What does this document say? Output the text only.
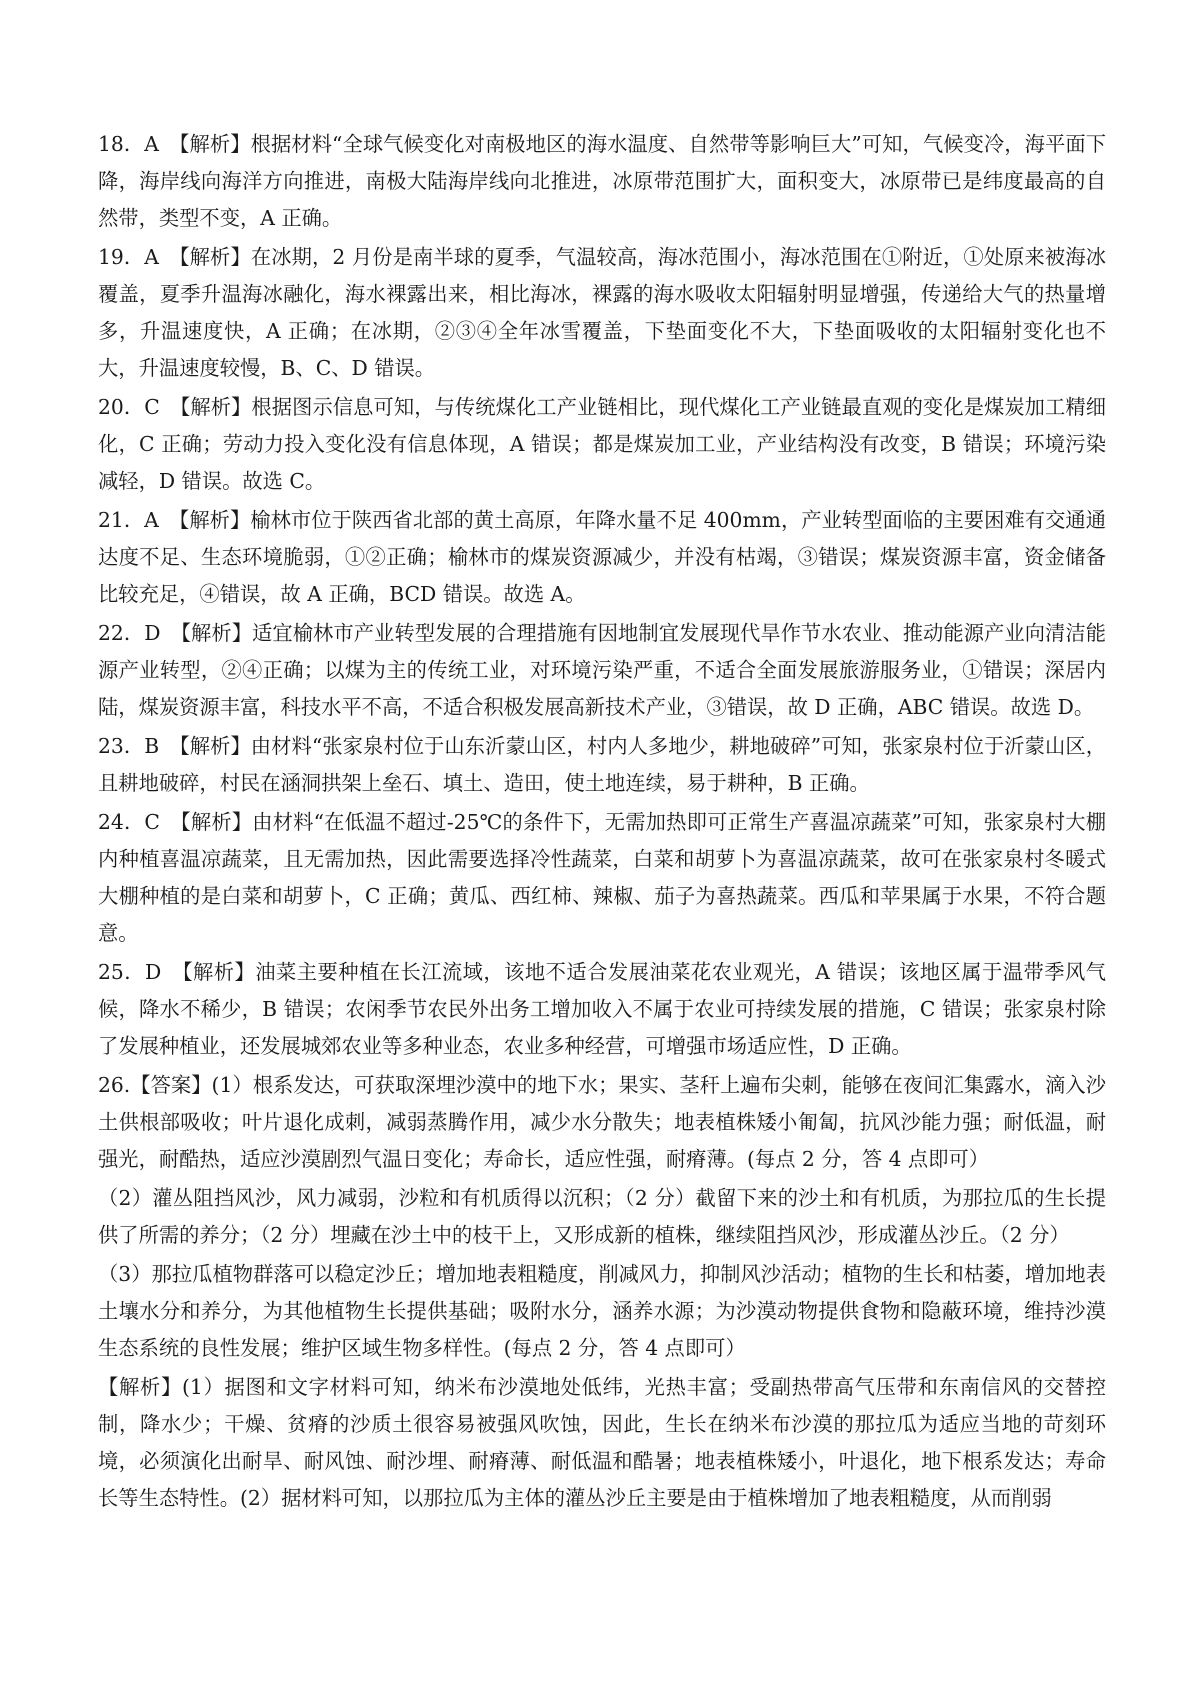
18．A　【解析】根据材料“全球气候变化对南极地区的海水温度、自然带等影响巨大”可知，气候变冷，海平面下降，海岸线向海洋方向推进，南极大陆海岸线向北推进，冰原带范围扩大，面积变大，冰原带已是纬度最高的自然带，类型不变，A 正确。

19．A　【解析】在冰期，2 月份是南半球的夏季，气温较高，海冰范围小，海冰范围在①附近，①处原来被海冰覆盖，夏季升温海冰融化，海水裸露出来，相比海冰，裸露的海水吸收太阳辐射明显增强，传递给大气的热量增多，升温速度快，A 正确；在冰期，②③④全年冰雪覆盖，下垫面变化不大，下垫面吸收的太阳辐射变化也不大，升温速度较慢，B、C、D 错误。

20．C　【解析】根据图示信息可知，与传统煤化工产业链相比，现代煤化工产业链最直观的变化是煤炭加工精细化，C 正确；劳动力投入变化没有信息体现，A 错误；都是煤炭加工业，产业结构没有改变，B 错误；环境污染减轻，D 错误。故选 C。

21．A　【解析】榆林市位于陕西省北部的黄土高原，年降水量不足 400mm，产业转型面临的主要困难有交通通达度不足、生态环境脆弱，①②正确；榆林市的煤炭资源减少，并没有枯竭，③错误；煤炭资源丰富，资金储备比较充足，④错误，故 A 正确，BCD 错误。故选 A。

22．D　【解析】适宜榆林市产业转型发展的合理措施有因地制宜发展现代旱作节水农业、推动能源产业向清洁能源产业转型，②④正确；以煤为主的传统工业，对环境污染严重，不适合全面发展旅游服务业，①错误；深居内陆，煤炭资源丰富，科技水平不高，不适合积极发展高新技术产业，③错误，故 D 正确，ABC 错误。故选 D。

23．B　【解析】由材料“张家泉村位于山东沂蒙山区，村内人多地少，耕地破碎”可知，张家泉村位于沂蒙山区，且耕地破碎，村民在涵洞拱架上垒石、填土、造田，使土地连续，易于耕种，B 正确。

24．C　【解析】由材料“在低温不超过-25℃的条件下，无需加热即可正常生产喜温凉蔬菜”可知，张家泉村大棚内种植喜温凉蔬菜，且无需加热，因此需要选择冷性蔬菜，白菜和胡萝卜为喜温凉蔬菜，故可在张家泉村冬暖式大棚种植的是白菜和胡萝卜，C 正确；黄瓜、西红柿、辣椒、茄子为喜热蔬菜。西瓜和苹果属于水果，不符合题意。

25．D　【解析】油菜主要种植在长江流域，该地不适合发展油菜花农业观光，A 错误；该地区属于温带季风气候，降水不稀少，B 错误；农闲季节农民外出务工增加收入不属于农业可持续发展的措施，C 错误；张家泉村除了发展种植业，还发展城郊农业等多种业态，农业多种经营，可增强市场适应性，D 正确。

26.【答案】(1）根系发达，可获取深埋沙漠中的地下水；果实、茎秆上遍布尖刺，能够在夜间汇集露水，滴入沙土供根部吸收；叶片退化成刺，减弱蒸腾作用，减少水分散失；地表植株矮小匍匐，抗风沙能力强；耐低温，耐强光，耐酷热，适应沙漠剧烈气温日变化；寿命长，适应性强，耐瘠薄。(每点 2 分，答 4 点即可）

（2）灌丛阻挡风沙，风力减弱，沙粒和有机质得以沉积；（2 分）截留下来的沙土和有机质，为那拉瓜的生长提供了所需的养分；（2 分）埋藏在沙土中的枝干上，又形成新的植株，继续阻挡风沙，形成灌丛沙丘。（2 分）

（3）那拉瓜植物群落可以稳定沙丘；增加地表粗糙度，削减风力，抑制风沙活动；植物的生长和枯萎，增加地表土壤水分和养分，为其他植物生长提供基础；吸附水分，涵养水源；为沙漠动物提供食物和隐蔽环境，维持沙漠生态系统的良性发展；维护区域生物多样性。(每点 2 分，答 4 点即可）

【解析】(1）据图和文字材料可知，纳米布沙漠地处低纬，光热丰富；受副热带高气压带和东南信风的交替控制，降水少；干燥、贫瘠的沙质土很容易被强风吹蚀，因此，生长在纳米布沙漠的那拉瓜为适应当地的苛刻环境，必须演化出耐旱、耐风蚀、耐沙埋、耐瘠薄、耐低温和酷暑；地表植株矮小，叶退化，地下根系发达；寿命长等生态特性。(2）据材料可知，以那拉瓜为主体的灌丛沙丘主要是由于植株增加了地表粗糙度，从而削弱
